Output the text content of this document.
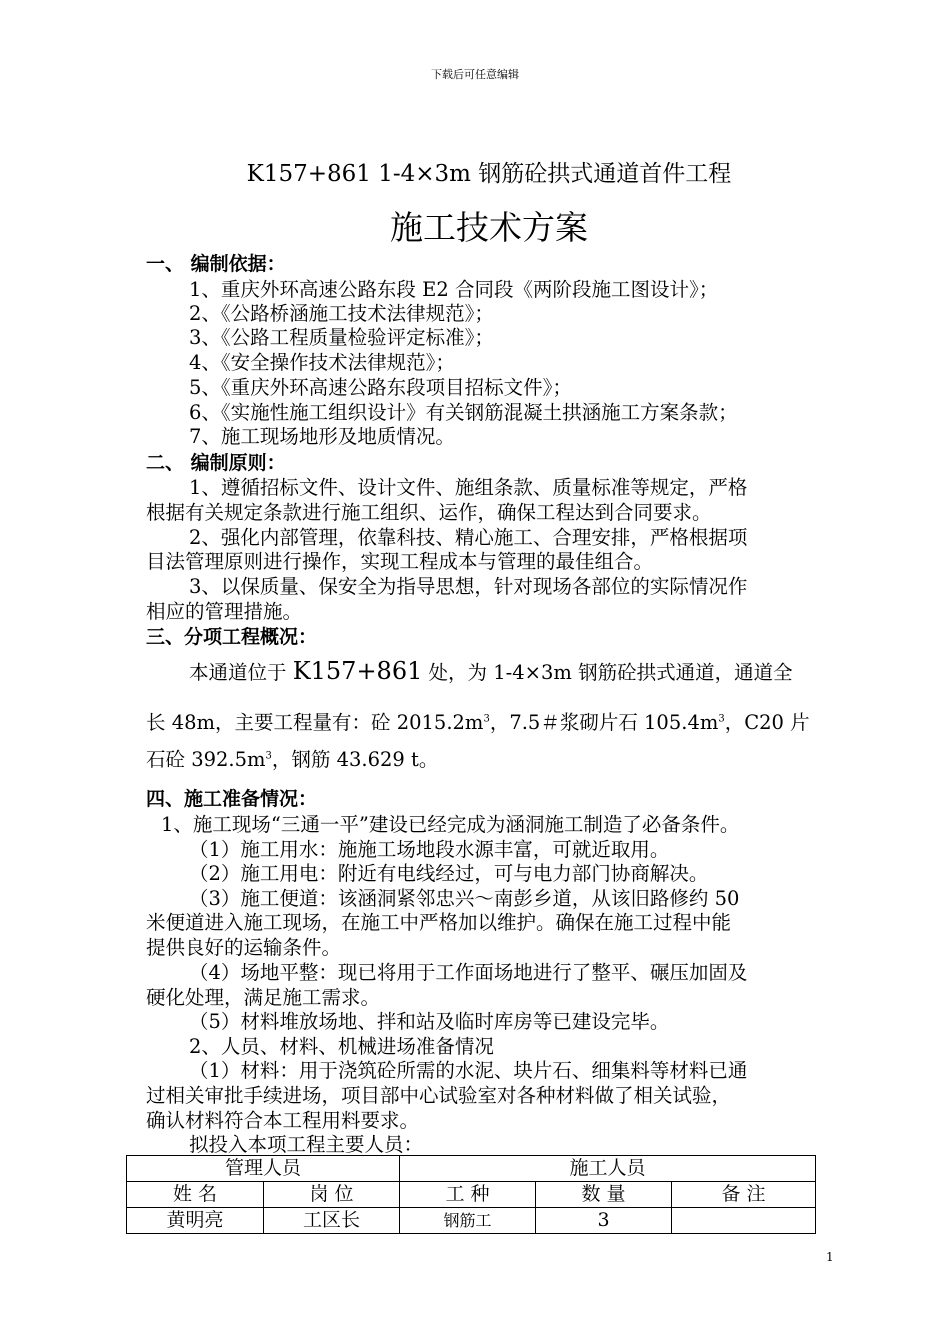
下载后可任意编辑
K157+861 1-4×3m 钢筋砼拱式通道首件工程
施工技术方案
一、 编制依据：
1、重庆外环高速公路东段 E2 合同段《两阶段施工图设计》；
2、《公路桥涵施工技术法律规范》；
3、《公路工程质量检验评定标准》；
4、《安全操作技术法律规范》；
5、《重庆外环高速公路东段项目招标文件》；
6、《实施性施工组织设计》有关钢筋混凝土拱涵施工方案条款；
7、施工现场地形及地质情况。
二、 编制原则：
1、遵循招标文件、设计文件、施组条款、质量标准等规定，严格
根据有关规定条款进行施工组织、运作，确保工程达到合同要求。
2、强化内部管理，依靠科技、精心施工、合理安排，严格根据项
目法管理原则进行操作，实现工程成本与管理的最佳组合。
3、以保质量、保安全为指导思想，针对现场各部位的实际情况作
相应的管理措施。
三、分项工程概况：
本通道位于 K157+861 处，为 1-4×3m 钢筋砼拱式通道，通道全
长 48m，主要工程量有：砼 $2015.2m^3$，7.5＃浆砌片石 $105.4m^3$，C20 片
石砼 $392.5m^3$，钢筋 43.629 t。
四、施工准备情况：
1、施工现场“三通一平”建设已经完成为涵洞施工制造了必备条件。
（1）施工用水：施施工场地段水源丰富，可就近取用。
（2）施工用电：附近有电线经过，可与电力部门协商解决。
（3）施工便道：该涵洞紧邻忠兴～南彭乡道，从该旧路修约 50
米便道进入施工现场，在施工中严格加以维护。确保在施工过程中能
提供良好的运输条件。
（4）场地平整：现已将用于工作面场地进行了整平、碾压加固及
硬化处理，满足施工需求。
（5）材料堆放场地、拌和站及临时库房等已建设完毕。
2、人员、材料、机械进场准备情况
（1）材料：用于浇筑砼所需的水泥、块片石、细集料等材料已通
过相关审批手续进场，项目部中心试验室对各种材料做了相关试验，
确认材料符合本工程用料要求。
拟投入本项工程主要人员：
管理人员		施工人员		
姓 名	岗 位	工 种	数 量	备 注
黄明亮	工区长	钢筋工	3	
1
